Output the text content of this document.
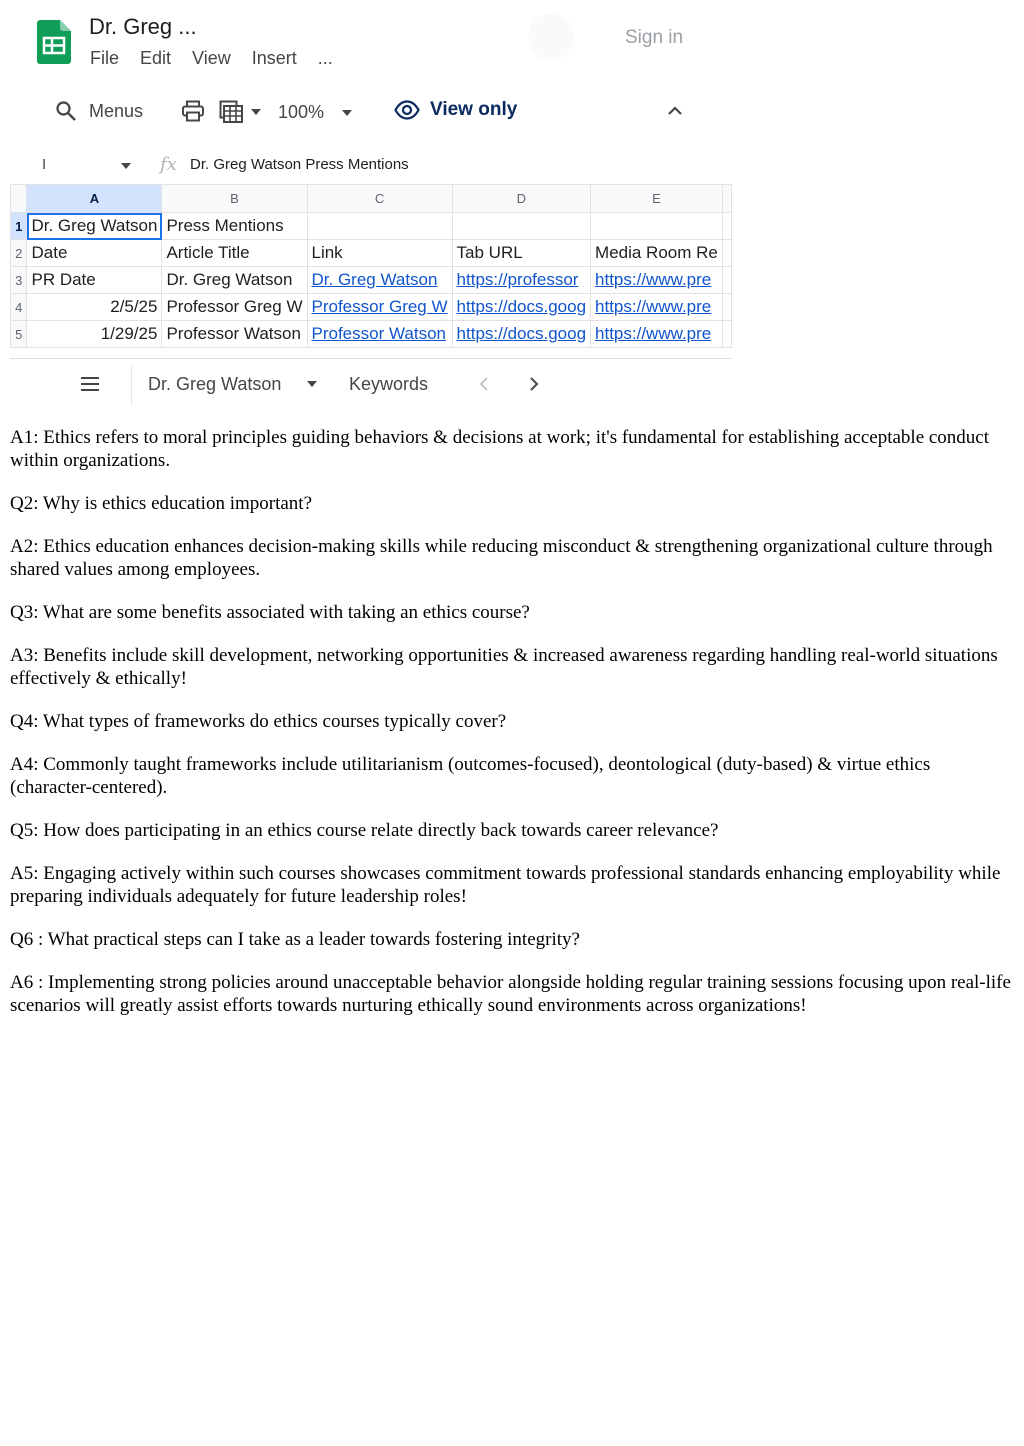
Dr. Greg ...
File Edit View Insert ...
Sign in
Menus	100%	View only
I	fx Dr. Greg Watson Press Mentions
	A	B	C	D	E	
1	Dr. Greg Watson	Press Mentions				
2	Date	Article Title	Link	Tab URL	Media Room Re	
3	PR Date	Dr. Greg Watson	Dr. Greg Watson	https://professor	https://www.pre	
4	2/5/25	Professor Greg W	Professor Greg W	https://docs.goog	https://www.pre	
5	1/29/25	Professor Watson	Professor Watson	https://docs.goog	https://www.pre	
Dr. Greg Watson	Keywords

A1: Ethics refers to moral principles guiding behaviors & decisions at work; it's fundamental for establishing acceptable conduct within organizations.

Q2: Why is ethics education important?

A2: Ethics education enhances decision-making skills while reducing misconduct & strengthening organizational culture through shared values among employees.

Q3: What are some benefits associated with taking an ethics course?

A3: Benefits include skill development, networking opportunities & increased awareness regarding handling real-world situations effectively & ethically!

Q4: What types of frameworks do ethics courses typically cover?

A4: Commonly taught frameworks include utilitarianism (outcomes-focused), deontological (duty-based) & virtue ethics (character-centered).

Q5: How does participating in an ethics course relate directly back towards career relevance?

A5: Engaging actively within such courses showcases commitment towards professional standards enhancing employability while preparing individuals adequately for future leadership roles!

Q6 : What practical steps can I take as a leader towards fostering integrity?

A6 : Implementing strong policies around unacceptable behavior alongside holding regular training sessions focusing upon real-life scenarios will greatly assist efforts towards nurturing ethically sound environments across organizations!
